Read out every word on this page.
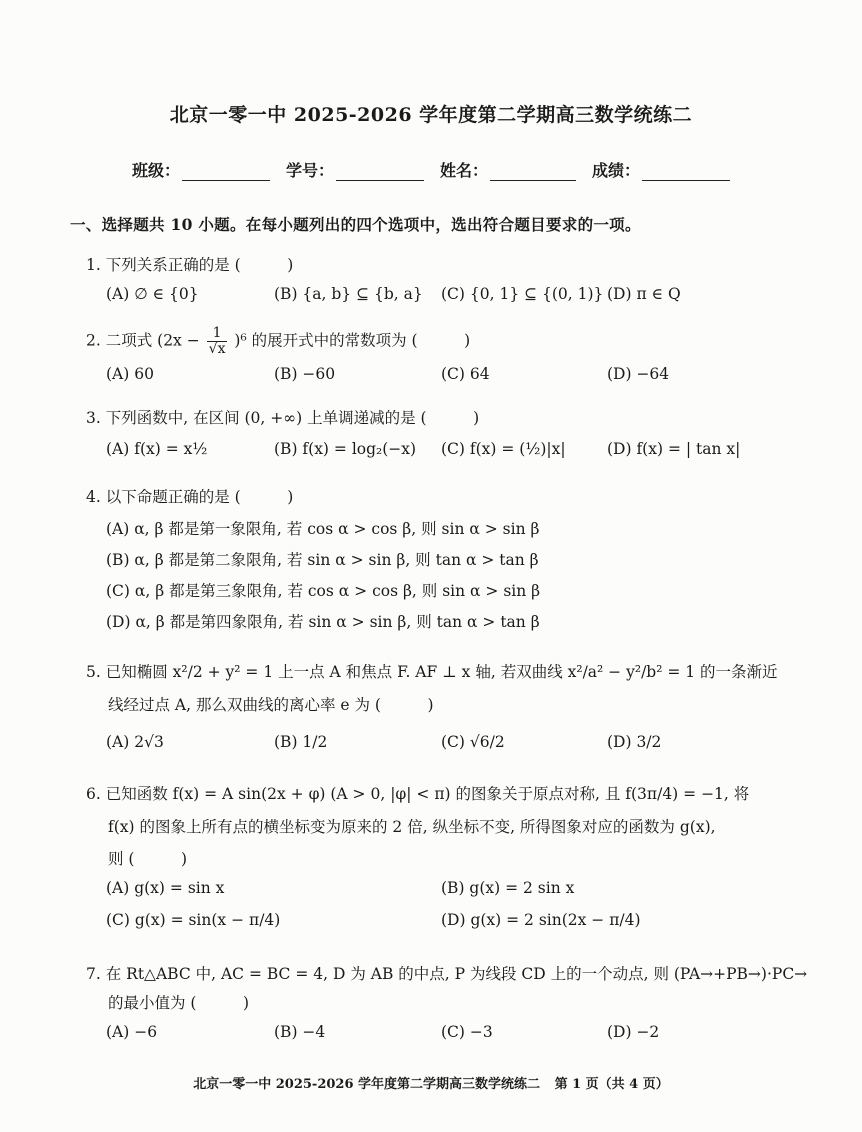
北京一零一中 2025-2026 学年度第二学期高三数学统练二
班级：	学号：	姓名：	成绩：
一、选择题共 10 小题。在每小题列出的四个选项中，选出符合题目要求的一项。
1. 下列关系正确的是 (　　　)
(A) ∅ ∈ {0}	(B) {a, b} ⊆ {b, a} (C) {0, 1} ⊆ {(0, 1)} (D) π ∈ Q
2. 二项式 $(2x - \frac{1}{√x} )^6$ 的展开式中的常数项为 (　　　)
(A) 60	(B) −60	(C) 64	(D) −64
3. 下列函数中, 在区间 (0, +∞) 上单调递减的是 (　　　)
(A) f(x) = x½	(B) f(x) = log₂(−x) (C) f(x) = (½)|x|	(D) f(x) = | tan x|
4. 以下命题正确的是 (　　　)
(A) α, β 都是第一象限角, 若 cos α > cos β, 则 sin α > sin β
(B) α, β 都是第二象限角, 若 sin α > sin β, 则 tan α > tan β
(C) α, β 都是第三象限角, 若 cos α > cos β, 则 sin α > sin β
(D) α, β 都是第四象限角, 若 sin α > sin β, 则 tan α > tan β
5. 已知椭圆 x²/2 + y² = 1 上一点 A 和焦点 F. AF ⊥ x 轴, 若双曲线 x²/a² − y²/b² = 1 的一条渐近
线经过点 A, 那么双曲线的离心率 e 为 (　　　)
(A) 2√3	(B) 1/2	(C) √6/2	(D) 3/2
6. 已知函数 f(x) = A sin(2x + φ) (A > 0, |φ| < π) 的图象关于原点对称, 且 f(3π/4) = −1, 将
f(x) 的图象上所有点的横坐标变为原来的 2 倍, 纵坐标不变, 所得图象对应的函数为 g(x),
则 (　　　)
(A) g(x) = sin x	(B) g(x) = 2 sin x
(C) g(x) = sin(x − π/4)	(D) g(x) = 2 sin(2x − π/4)
7. 在 Rt△ABC 中, AC = BC = 4, D 为 AB 的中点, P 为线段 CD 上的一个动点, 则 (PA→+PB→)·PC→
的最小值为 (　　　)
(A) −6	(B) −4	(C) −3	(D) −2
北京一零一中 2025-2026 学年度第二学期高三数学统练二 第 1 页（共 4 页）
